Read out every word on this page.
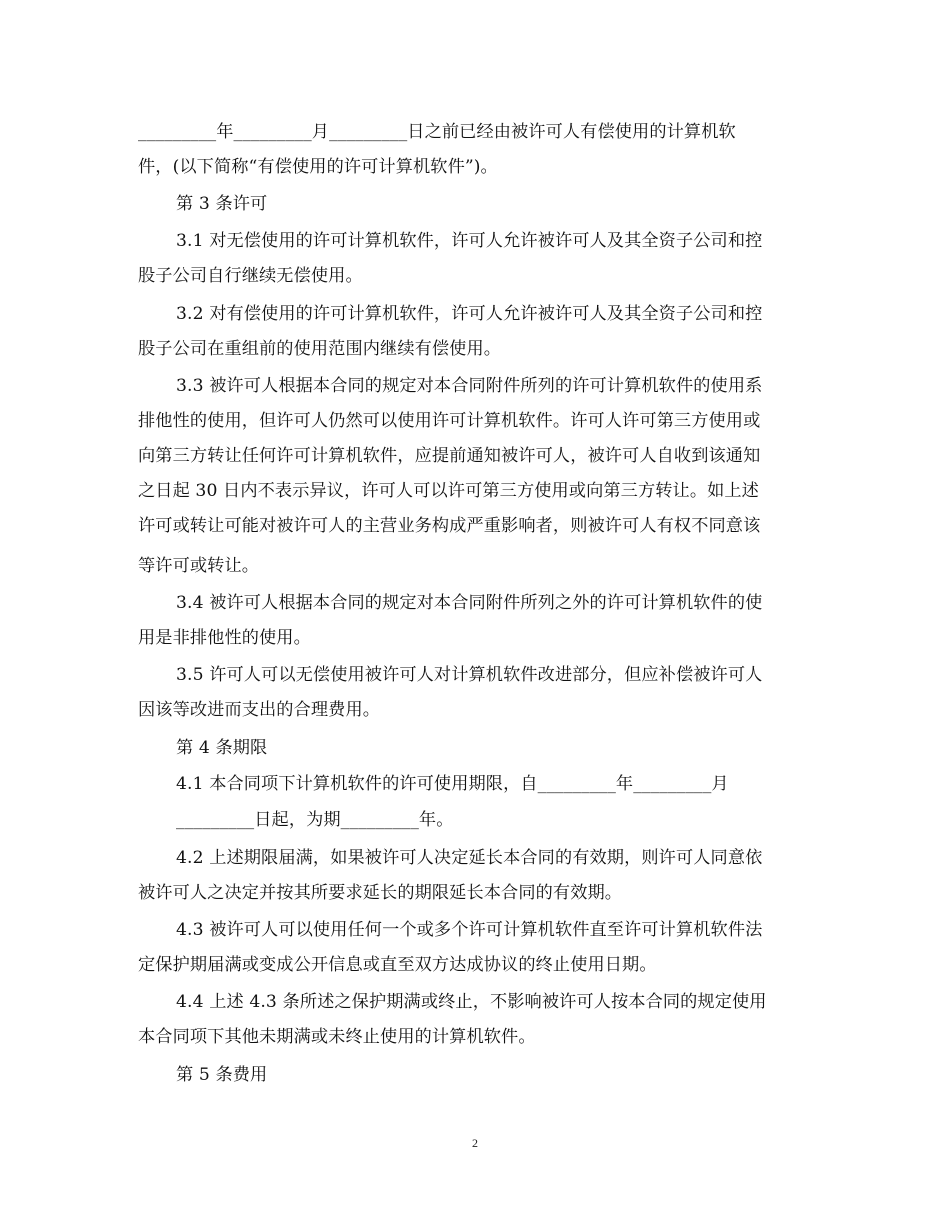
_________年_________月_________日之前已经由被许可人有偿使用的计算机软
件，(以下简称“有偿使用的许可计算机软件”)。
第 3 条许可
3.1 对无偿使用的许可计算机软件，许可人允许被许可人及其全资子公司和控
股子公司自行继续无偿使用。
3.2 对有偿使用的许可计算机软件，许可人允许被许可人及其全资子公司和控
股子公司在重组前的使用范围内继续有偿使用。
3.3 被许可人根据本合同的规定对本合同附件所列的许可计算机软件的使用系
排他性的使用，但许可人仍然可以使用许可计算机软件。许可人许可第三方使用或
向第三方转让任何许可计算机软件，应提前通知被许可人，被许可人自收到该通知
之日起 30 日内不表示异议，许可人可以许可第三方使用或向第三方转让。如上述
许可或转让可能对被许可人的主营业务构成严重影响者，则被许可人有权不同意该
等许可或转让。
3.4 被许可人根据本合同的规定对本合同附件所列之外的许可计算机软件的使
用是非排他性的使用。
3.5 许可人可以无偿使用被许可人对计算机软件改进部分，但应补偿被许可人
因该等改进而支出的合理费用。
第 4 条期限
4.1 本合同项下计算机软件的许可使用期限，自_________年_________月
_________日起，为期_________年。
4.2 上述期限届满，如果被许可人决定延长本合同的有效期，则许可人同意依
被许可人之决定并按其所要求延长的期限延长本合同的有效期。
4.3 被许可人可以使用任何一个或多个许可计算机软件直至许可计算机软件法
定保护期届满或变成公开信息或直至双方达成协议的终止使用日期。
4.4 上述 4.3 条所述之保护期满或终止，不影响被许可人按本合同的规定使用
本合同项下其他未期满或未终止使用的计算机软件。
第 5 条费用
2
